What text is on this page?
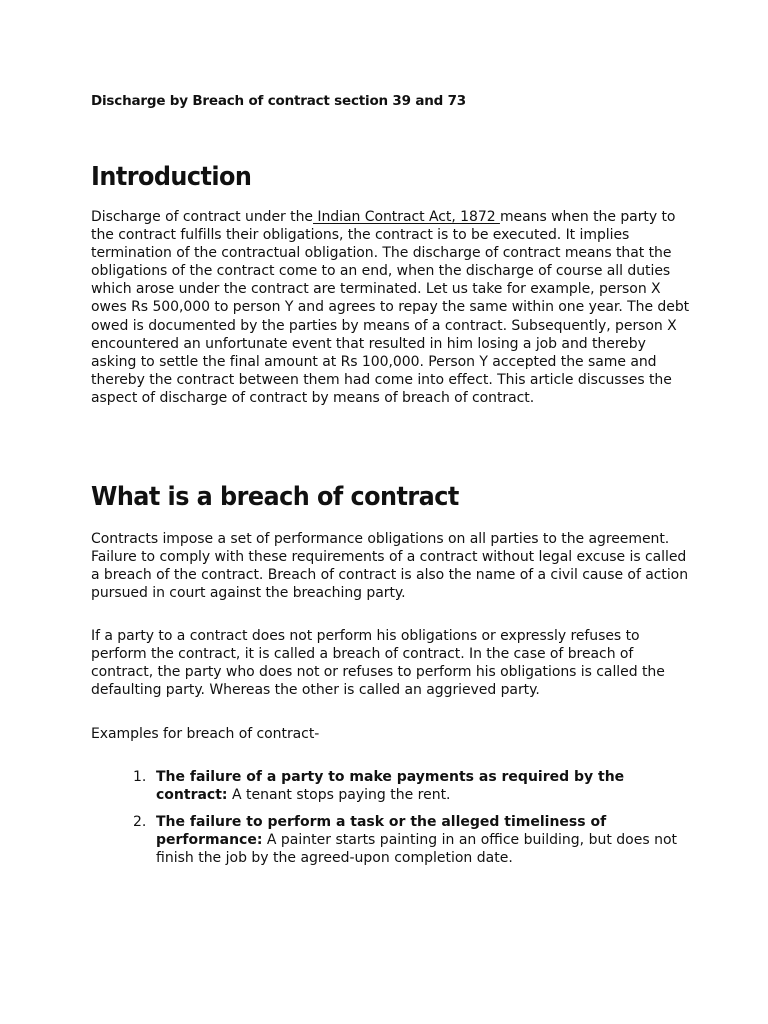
Discharge by Breach of contract section 39 and 73

Introduction

Discharge of contract under the Indian Contract Act, 1872 means when the party to the contract fulfills their obligations, the contract is to be executed. It implies termination of the contractual obligation. The discharge of contract means that the obligations of the contract come to an end, when the discharge of course all duties which arose under the contract are terminated. Let us take for example, person X owes Rs 500,000 to person Y and agrees to repay the same within one year. The debt owed is documented by the parties by means of a contract. Subsequently, person X encountered an unfortunate event that resulted in him losing a job and thereby asking to settle the final amount at Rs 100,000. Person Y accepted the same and thereby the contract between them had come into effect. This article discusses the aspect of discharge of contract by means of breach of contract.

What is a breach of contract

Contracts impose a set of performance obligations on all parties to the agreement. Failure to comply with these requirements of a contract without legal excuse is called a breach of the contract. Breach of contract is also the name of a civil cause of action pursued in court against the breaching party.

If a party to a contract does not perform his obligations or expressly refuses to perform the contract, it is called a breach of contract. In the case of breach of contract, the party who does not or refuses to perform his obligations is called the defaulting party. Whereas the other is called an aggrieved party.

Examples for breach of contract-

1. The failure of a party to make payments as required by the contract: A tenant stops paying the rent.
2. The failure to perform a task or the alleged timeliness of performance: A painter starts painting in an office building, but does not finish the job by the agreed-upon completion date.
